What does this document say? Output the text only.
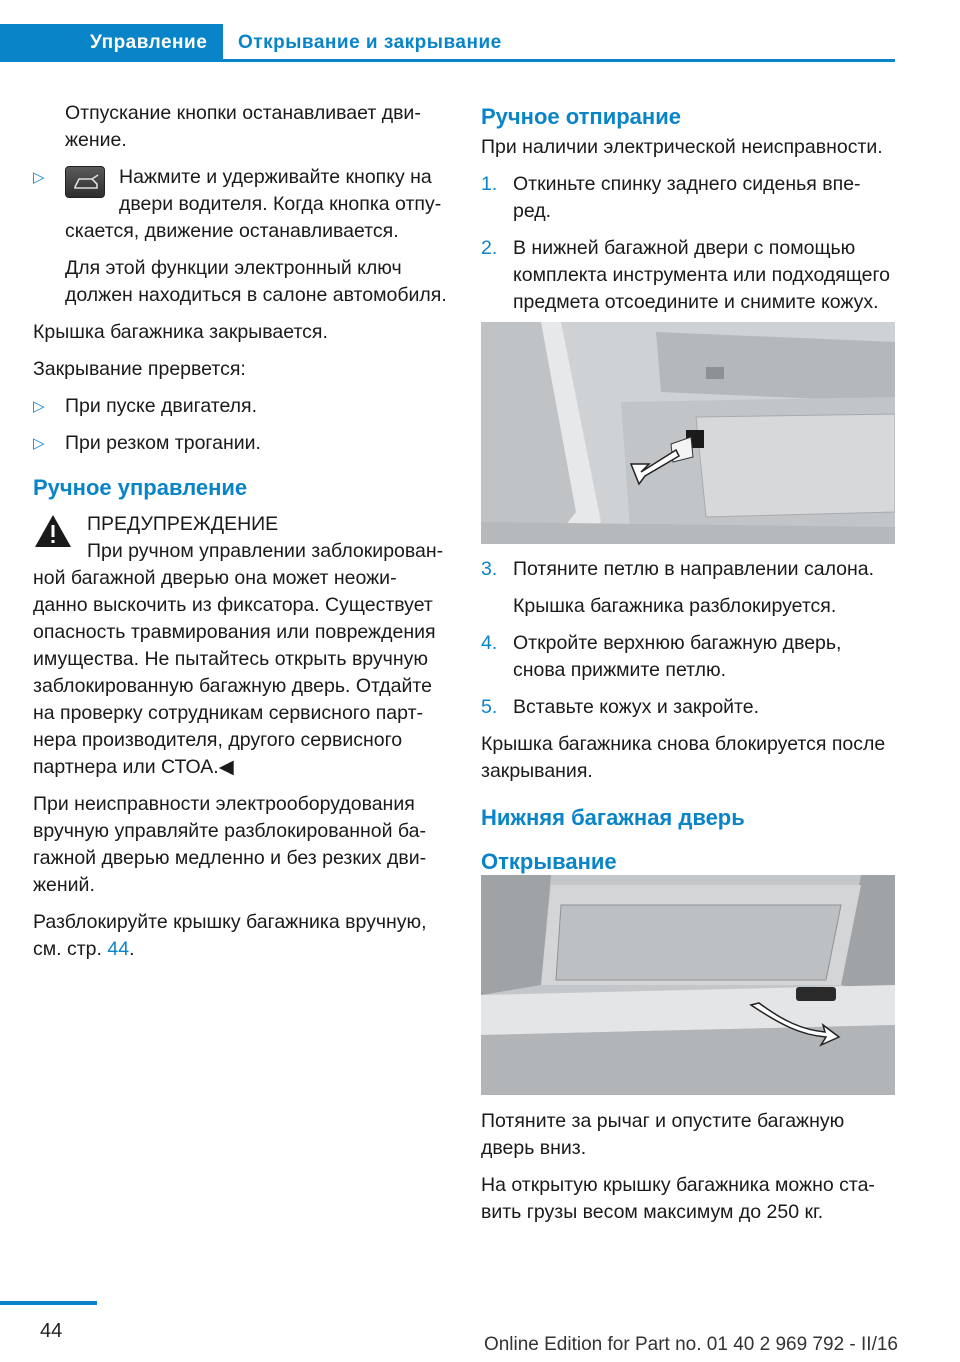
Управление	Открывание и закрывание
Отпускание кнопки останавливает дви‐жение.
▷	Нажмите и удерживайте кнопку на двери водителя. Когда кнопка отпу‐скается, движение останавливается.
Для этой функции электронный ключ должен находиться в салоне автомобиля.
Крышка багажника закрывается.
Закрывание прервется:
▷ При пуске двигателя.
▷ При резком трогании.
Ручное управление
ПРЕДУПРЕЖДЕНИЕ
При ручном управлении заблокирован‐ной багажной дверью она может неожи‐данно выскочить из фиксатора. Существует опасность травмирования или повреждения имущества. Не пытайтесь открыть вручную заблокированную багажную дверь. Отдайте на проверку сотрудникам сервисного парт‐нера производителя, другого сервисного партнера или СТОА.◀
При неисправности электрооборудования вручную управляйте разблокированной ба‐гажной дверью медленно и без резких дви‐жений.
Разблокируйте крышку багажника вручную, см. стр. 44.
Ручное отпирание
При наличии электрической неисправности.
1. Откиньте спинку заднего сиденья впе‐ред.
2. В нижней багажной двери с помощью комплекта инструмента или подходящего предмета отсоедините и снимите кожух.
3. Потяните петлю в направлении салона.
Крышка багажника разблокируется.
4. Откройте верхнюю багажную дверь, снова прижмите петлю.
5. Вставьте кожух и закройте.
Крышка багажника снова блокируется после закрывания.
Нижняя багажная дверь
Открывание
Потяните за рычаг и опустите багажную дверь вниз.
На открытую крышку багажника можно ста‐вить грузы весом максимум до 250 кг.
44
Online Edition for Part no. 01 40 2 969 792 - II/16
